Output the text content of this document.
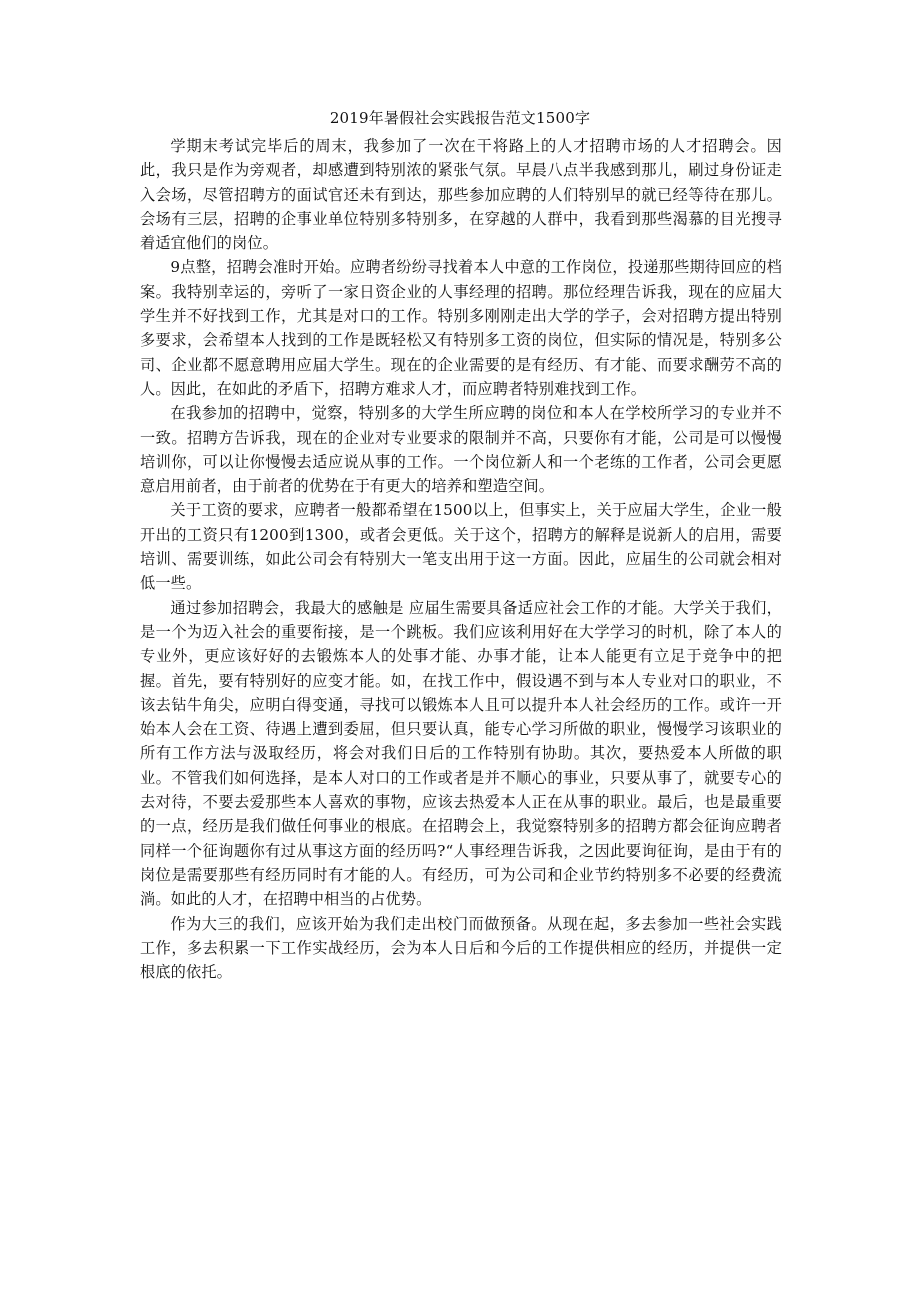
2019年暑假社会实践报告范文1500字

学期末考试完毕后的周末，我参加了一次在干将路上的人才招聘市场的人才招聘会。因此，我只是作为旁观者，却感遭到特别浓的紧张气氛。早晨八点半我感到那儿，刷过身份证走入会场，尽管招聘方的面试官还未有到达，那些参加应聘的人们特别早的就已经等待在那儿。会场有三层，招聘的企事业单位特别多特别多，在穿越的人群中，我看到那些渴慕的目光搜寻着适宜他们的岗位。

9点整，招聘会准时开始。应聘者纷纷寻找着本人中意的工作岗位，投递那些期待回应的档案。我特别幸运的，旁听了一家日资企业的人事经理的招聘。那位经理告诉我，现在的应届大学生并不好找到工作，尤其是对口的工作。特别多刚刚走出大学的学子，会对招聘方提出特别多要求，会希望本人找到的工作是既轻松又有特别多工资的岗位，但实际的情况是，特别多公司、企业都不愿意聘用应届大学生。现在的企业需要的是有经历、有才能、而要求酬劳不高的人。因此，在如此的矛盾下，招聘方难求人才，而应聘者特别难找到工作。

在我参加的招聘中，觉察，特别多的大学生所应聘的岗位和本人在学校所学习的专业并不一致。招聘方告诉我，现在的企业对专业要求的限制并不高，只要你有才能，公司是可以慢慢培训你，可以让你慢慢去适应说从事的工作。一个岗位新人和一个老练的工作者，公司会更愿意启用前者，由于前者的优势在于有更大的培养和塑造空间。

关于工资的要求，应聘者一般都希望在1500以上，但事实上，关于应届大学生，企业一般开出的工资只有1200到1300，或者会更低。关于这个，招聘方的解释是说新人的启用，需要培训、需要训练，如此公司会有特别大一笔支出用于这一方面。因此，应届生的公司就会相对低一些。

通过参加招聘会，我最大的感触是 应届生需要具备适应社会工作的才能。大学关于我们，是一个为迈入社会的重要衔接，是一个跳板。我们应该利用好在大学学习的时机，除了本人的专业外，更应该好好的去锻炼本人的处事才能、办事才能，让本人能更有立足于竞争中的把握。首先，要有特别好的应变才能。如，在找工作中，假设遇不到与本人专业对口的职业，不该去钻牛角尖，应明白得变通，寻找可以锻炼本人且可以提升本人社会经历的工作。或许一开始本人会在工资、待遇上遭到委屈，但只要认真，能专心学习所做的职业，慢慢学习该职业的所有工作方法与汲取经历，将会对我们日后的工作特别有协助。其次，要热爱本人所做的职业。不管我们如何选择，是本人对口的工作或者是并不顺心的事业，只要从事了，就要专心的去对待，不要去爱那些本人喜欢的事物，应该去热爱本人正在从事的职业。最后，也是最重要的一点，经历是我们做任何事业的根底。在招聘会上，我觉察特别多的招聘方都会征询应聘者同样一个征询题你有过从事这方面的经历吗?“人事经理告诉我，之因此要询征询，是由于有的岗位是需要那些有经历同时有才能的人。有经历，可为公司和企业节约特别多不必要的经费流淌。如此的人才，在招聘中相当的占优势。

作为大三的我们，应该开始为我们走出校门而做预备。从现在起，多去参加一些社会实践工作，多去积累一下工作实战经历，会为本人日后和今后的工作提供相应的经历，并提供一定根底的依托。
